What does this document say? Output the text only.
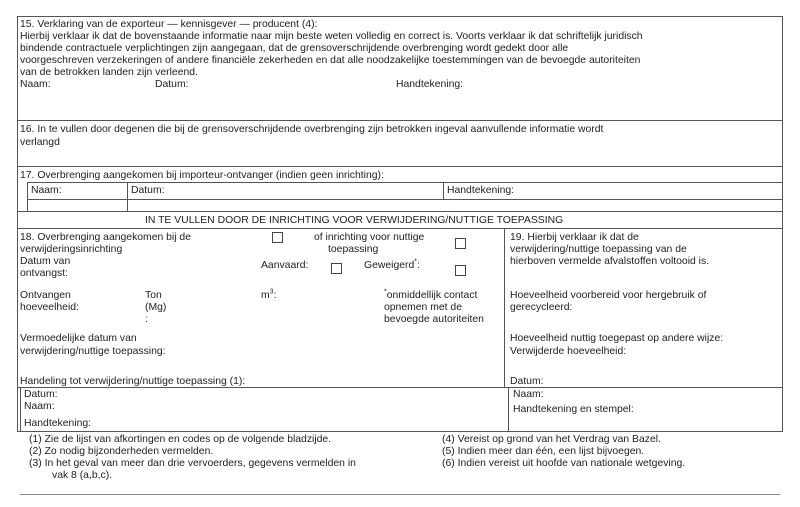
15. Verklaring van de exporteur — kennisgever — producent (4):
Hierbij verklaar ik dat de bovenstaande informatie naar mijn beste weten volledig en correct is. Voorts verklaar ik dat schriftelijk juridisch
bindende contractuele verplichtingen zijn aangegaan, dat de grensoverschrijdende overbrenging wordt gedekt door alle
voorgeschreven verzekeringen of andere financiële zekerheden en dat alle noodzakelijke toestemmingen van de bevoegde autoriteiten
van de betrokken landen zijn verleend.
Naam:	Datum:	Handtekening:
16. In te vullen door degenen die bij de grensoverschrijdende overbrenging zijn betrokken ingeval aanvullende informatie wordt
verlangd
17. Overbrenging aangekomen bij importeur-ontvanger (indien geen inrichting):
Naam:	Datum:	Handtekening:
IN TE VULLEN DOOR DE INRICHTING VOOR VERWIJDERING/NUTTIGE TOEPASSING
18. Overbrenging aangekomen bij de
verwijderingsinrichting
of inrichting voor nuttige
toepassing
Datum van
ontvangst:
Aanvaard:	Geweigerd*:
Ontvangen
hoeveelheid:
Ton
(Mg)
:
$m^3$:	*onmiddellijk contact
opnemen met de
bevoegde autoriteiten
Vermoedelijke datum van
verwijdering/nuttige toepassing:
Handeling tot verwijdering/nuttige toepassing (1):
19. Hierbij verklaar ik dat de
verwijdering/nuttige toepassing van de
hierboven vermelde afvalstoffen voltooid is.
Hoeveelheid voorbereid voor hergebruik of
gerecycleerd:
Hoeveelheid nuttig toegepast op andere wijze:
Verwijderde hoeveelheid:
Datum:
Datum:
Naam:
Handtekening:
Naam:
Handtekening en stempel:
(1) Zie de lijst van afkortingen en codes op de volgende bladzijde.
(2) Zo nodig bijzonderheden vermelden.
(3) In het geval van meer dan drie vervoerders, gegevens vermelden in
vak 8 (a,b,c).
(4) Vereist op grond van het Verdrag van Bazel.
(5) Indien meer dan één, een lijst bijvoegen.
(6) Indien vereist uit hoofde van nationale wetgeving.
